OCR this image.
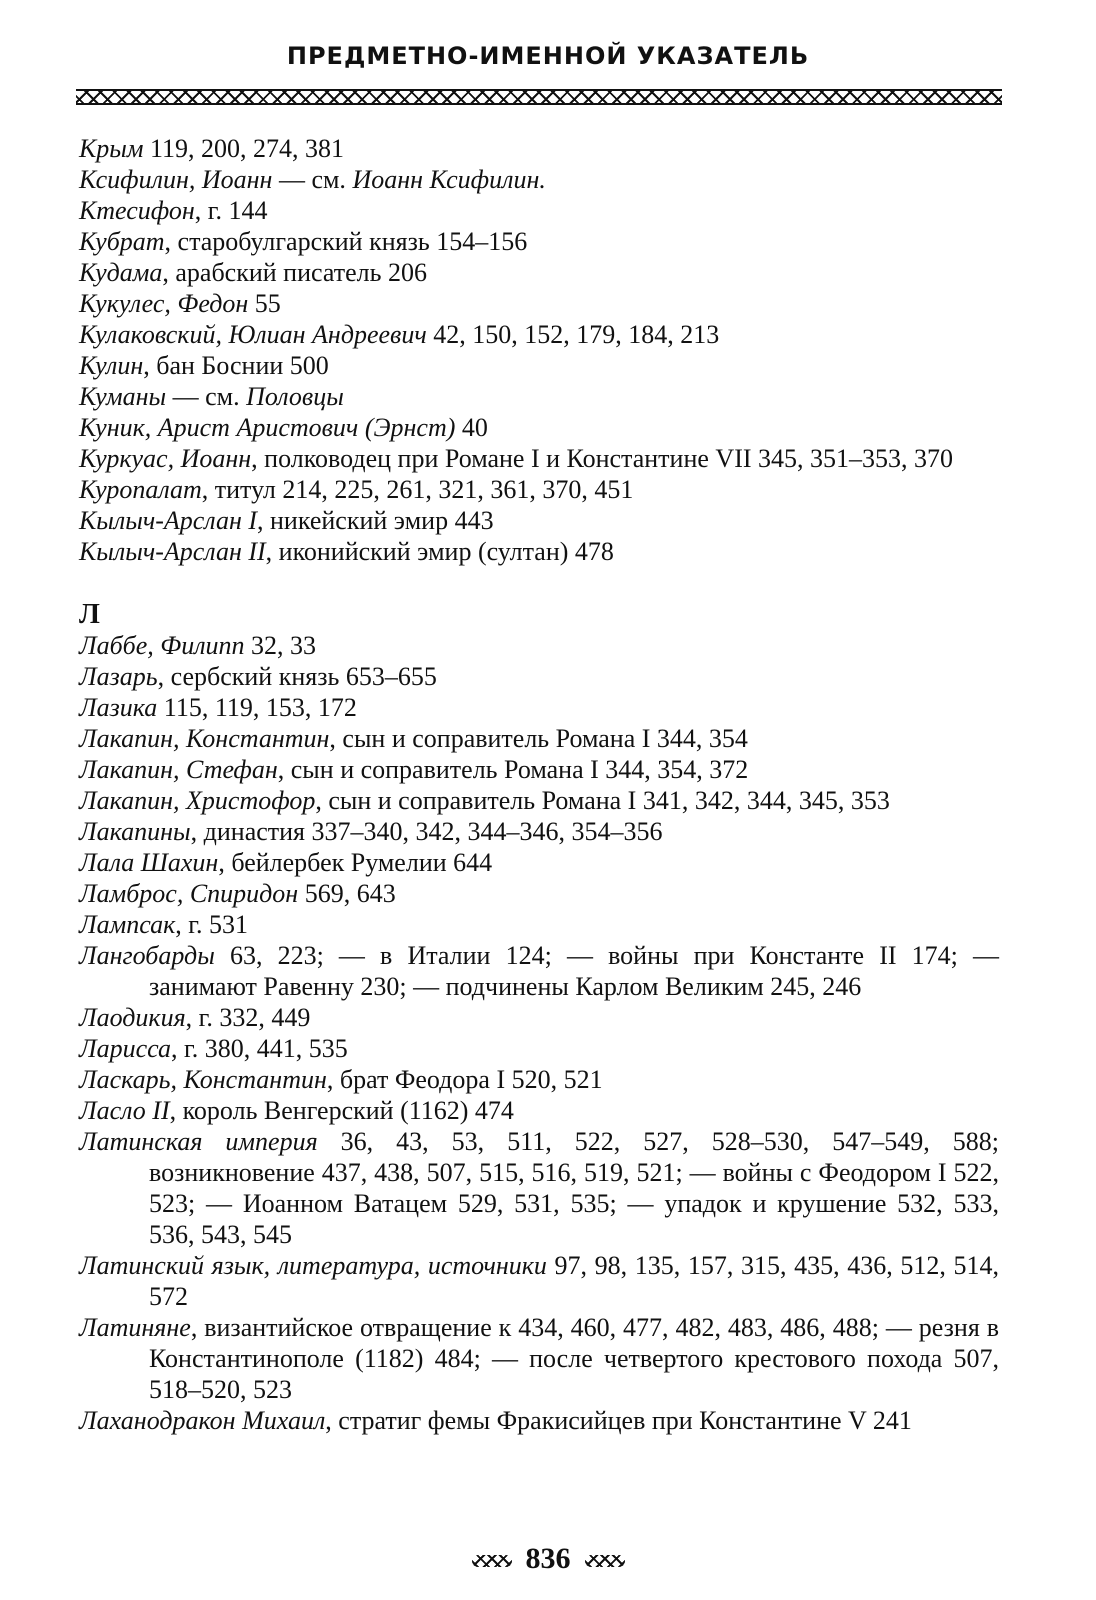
ПРЕДМЕТНО-ИМЕННОЙ УКАЗАТЕЛЬ
Крым 119, 200, 274, 381
Ксифилин, Иоанн — см. Иоанн Ксифилин.
Ктесифон, г. 144
Кубрат, старобулгарский князь 154–156
Кудама, арабский писатель 206
Кукулес, Федон 55
Кулаковский, Юлиан Андреевич 42, 150, 152, 179, 184, 213
Кулин, бан Боснии 500
Куманы — см. Половцы
Куник, Арист Аристович (Эрнст) 40
Куркуас, Иоанн, полководец при Романе I и Константине VII 345, 351–353, 370
Куропалат, титул 214, 225, 261, 321, 361, 370, 451
Кылыч-Арслан I, никейский эмир 443
Кылыч-Арслан II, иконийский эмир (султан) 478
Л
Лаббе, Филипп 32, 33
Лазарь, сербский князь 653–655
Лазика 115, 119, 153, 172
Лакапин, Константин, сын и соправитель Романа I 344, 354
Лакапин, Стефан, сын и соправитель Романа I 344, 354, 372
Лакапин, Христофор, сын и соправитель Романа I 341, 342, 344, 345, 353
Лакапины, династия 337–340, 342, 344–346, 354–356
Лала Шахин, бейлербек Румелии 644
Ламброс, Спиридон 569, 643
Лампсак, г. 531
Лангобарды 63, 223; — в Италии 124; — войны при Константе II 174; — занимают Равенну 230; — подчинены Карлом Великим 245, 246
Лаодикия, г. 332, 449
Ларисса, г. 380, 441, 535
Ласкарь, Константин, брат Феодора I 520, 521
Ласло II, король Венгерский (1162) 474
Латинская империя 36, 43, 53, 511, 522, 527, 528–530, 547–549, 588; возникновение 437, 438, 507, 515, 516, 519, 521; — войны с Феодором I 522, 523; — Иоанном Ватацем 529, 531, 535; — упадок и крушение 532, 533, 536, 543, 545
Латинский язык, литература, источники 97, 98, 135, 157, 315, 435, 436, 512, 514, 572
Латиняне, византийское отвращение к 434, 460, 477, 482, 483, 486, 488; — резня в Константинополе (1182) 484; — после четвертого крестового похода 507, 518–520, 523
Лаханодракон Михаил, стратиг фемы Фракисийцев при Константине V 241
836
